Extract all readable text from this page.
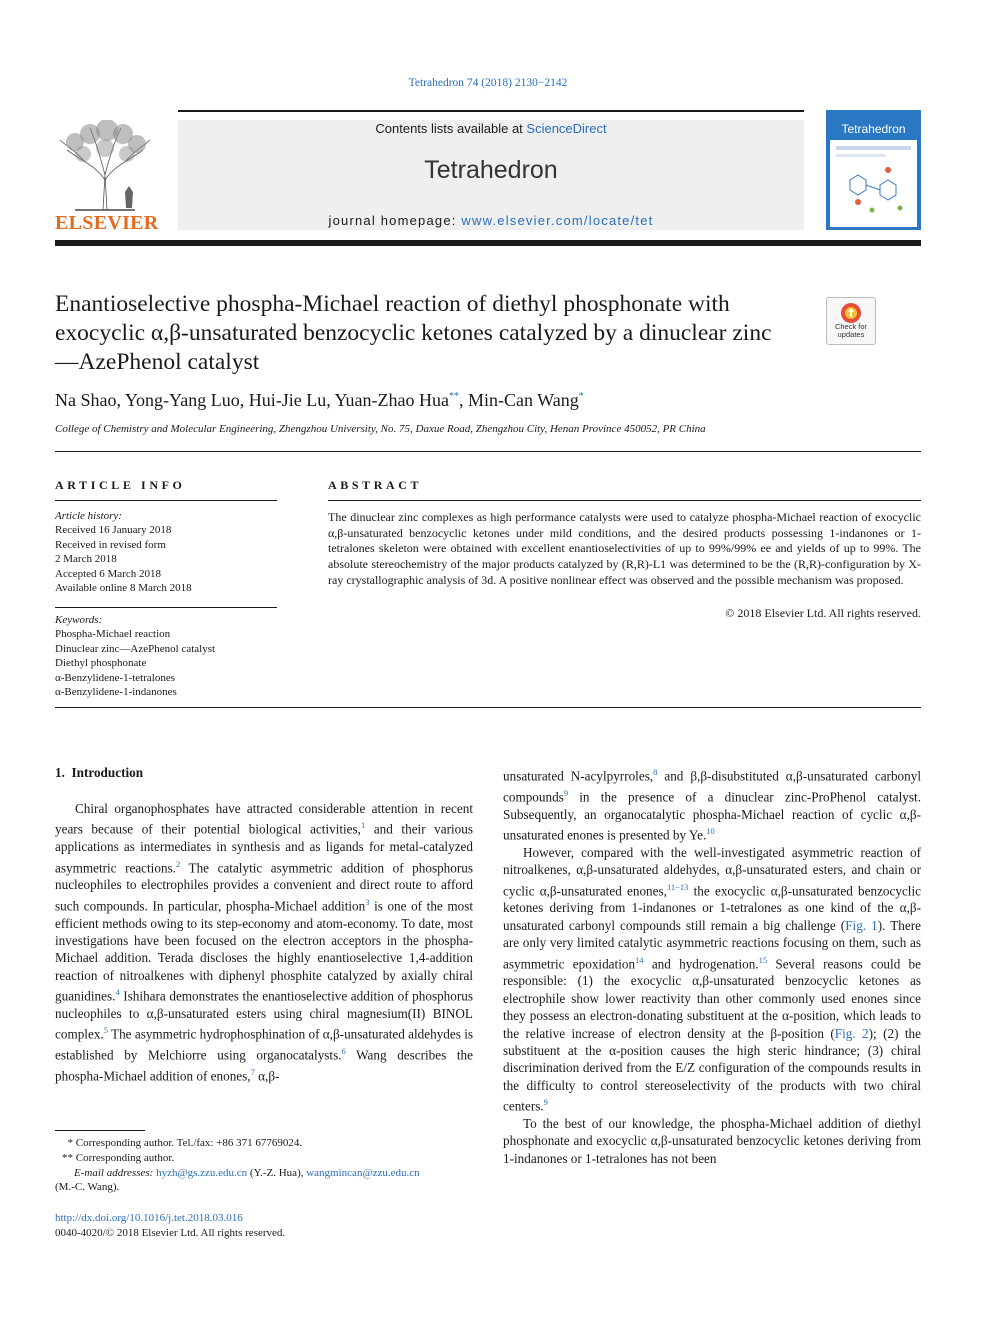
Tetrahedron 74 (2018) 2130−2142
ELSEVIER
Contents lists available at ScienceDirect
Tetrahedron
journal homepage: www.elsevier.com/locate/tet
Tetrahedron
Enantioselective phospha-Michael reaction of diethyl phosphonate with exocyclic α,β-unsaturated benzocyclic ketones catalyzed by a dinuclear zinc—AzePhenol catalyst
Check for updates
Na Shao, Yong-Yang Luo, Hui-Jie Lu, Yuan-Zhao Hua**, Min-Can Wang*
College of Chemistry and Molecular Engineering, Zhengzhou University, No. 75, Daxue Road, Zhengzhou City, Henan Province 450052, PR China
ARTICLE INFO
Article history:
Received 16 January 2018
Received in revised form
2 March 2018
Accepted 6 March 2018
Available online 8 March 2018
Keywords:
Phospha-Michael reaction
Dinuclear zinc—AzePhenol catalyst
Diethyl phosphonate
α-Benzylidene-1-tetralones
α-Benzylidene-1-indanones
ABSTRACT
The dinuclear zinc complexes as high performance catalysts were used to catalyze phospha-Michael reaction of exocyclic α,β-unsaturated benzocyclic ketones under mild conditions, and the desired products possessing 1-indanones or 1-tetralones skeleton were obtained with excellent enantioselectivities of up to 99%/99% ee and yields of up to 99%. The absolute stereochemistry of the major products catalyzed by (R,R)-L1 was determined to be the (R,R)-configuration by X-ray crystallographic analysis of 3d. A positive nonlinear effect was observed and the possible mechanism was proposed.
© 2018 Elsevier Ltd. All rights reserved.
1. Introduction

Chiral organophosphates have attracted considerable attention in recent years because of their potential biological activities,$^1$ and their various applications as intermediates in synthesis and as ligands for metal-catalyzed asymmetric reactions.$^2$ The catalytic asymmetric addition of phosphorus nucleophiles to electrophiles provides a convenient and direct route to afford such compounds. In particular, phospha-Michael addition$^3$ is one of the most efficient methods owing to its step-economy and atom-economy. To date, most investigations have been focused on the electron acceptors in the phospha-Michael addition. Terada discloses the highly enantioselective 1,4-addition reaction of nitroalkenes with diphenyl phosphite catalyzed by axially chiral guanidines.$^4$ Ishihara demonstrates the enantioselective addition of phosphorus nucleophiles to α,β-unsaturated esters using chiral magnesium(II) BINOL complex.$^5$ The asymmetric hydrophosphination of α,β-unsaturated aldehydes is established by Melchiorre using organocatalysts.$^6$ Wang describes the phospha-Michael addition of enones,$^7$ α,β-

unsaturated N-acylpyrroles,$^8$ and β,β-disubstituted α,β-unsaturated carbonyl compounds$^9$ in the presence of a dinuclear zinc-ProPhenol catalyst. Subsequently, an organocatalytic phospha-Michael reaction of cyclic α,β-unsaturated enones is presented by Ye.$^{10}$

However, compared with the well-investigated asymmetric reaction of nitroalkenes, α,β-unsaturated aldehydes, α,β-unsaturated esters, and chain or cyclic α,β-unsaturated enones,$^{11-13}$ the exocyclic α,β-unsaturated benzocyclic ketones deriving from 1-indanones or 1-tetralones as one kind of the α,β-unsaturated carbonyl compounds still remain a big challenge (Fig. 1). There are only very limited catalytic asymmetric reactions focusing on them, such as asymmetric epoxidation$^{14}$ and hydrogenation.$^{15}$ Several reasons could be responsible: (1) the exocyclic α,β-unsaturated benzocyclic ketones as electrophile show lower reactivity than other commonly used enones since they possess an electron-donating substituent at the α-position, which leads to the relative increase of electron density at the β-position (Fig. 2); (2) the substituent at the α-position causes the high steric hindrance; (3) chiral discrimination derived from the E/Z configuration of the compounds results in the difficulty to control stereoselectivity of the products with two chiral centers.$^9$

To the best of our knowledge, the phospha-Michael addition of diethyl phosphonate and exocyclic α,β-unsaturated benzocyclic ketones deriving from 1-indanones or 1-tetralones has not been

* Corresponding author. Tel./fax: +86 371 67769024.
** Corresponding author.
E-mail addresses: hyzh@gs.zzu.edu.cn (Y.-Z. Hua), wangmincan@zzu.edu.cn
(M.-C. Wang).
http://dx.doi.org/10.1016/j.tet.2018.03.016
0040-4020/© 2018 Elsevier Ltd. All rights reserved.
